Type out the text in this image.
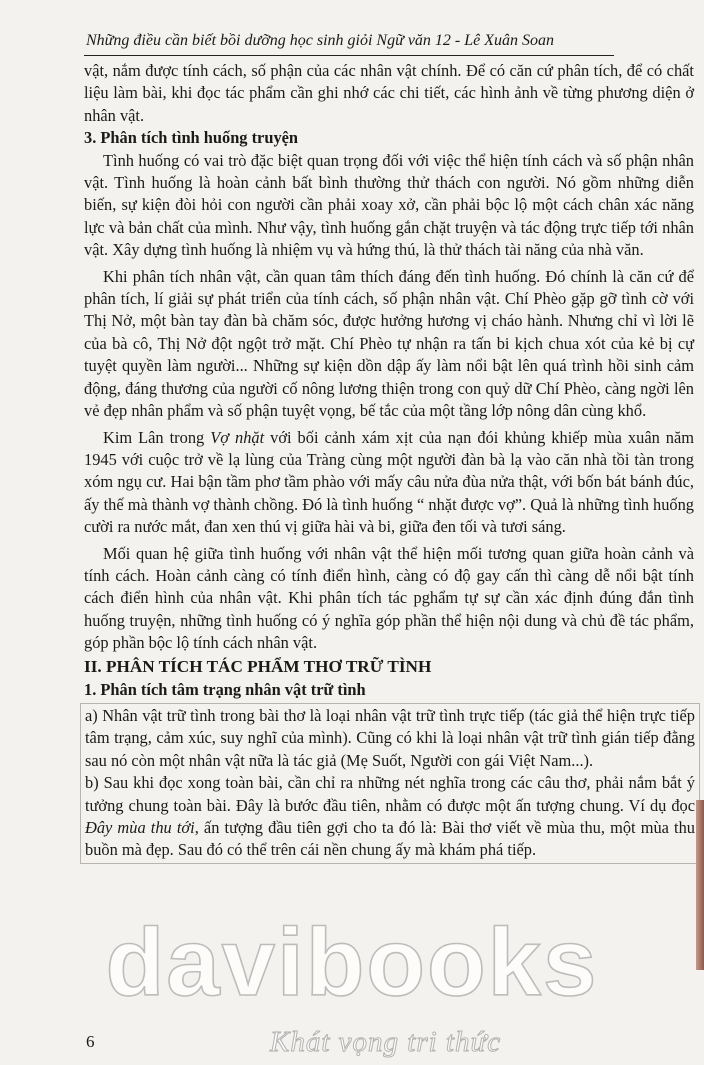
Những điều cần biết bồi dưỡng học sinh giỏi Ngữ văn 12 - Lê Xuân Soan

vật, nắm được tính cách, số phận của các nhân vật chính. Để có căn cứ phân tích, để có chất liệu làm bài, khi đọc tác phẩm cần ghi nhớ các chi tiết, các hình ảnh về từng phương diện ở nhân vật.

3. Phân tích tình huống truyện

Tình huống có vai trò đặc biệt quan trọng đối với việc thể hiện tính cách và số phận nhân vật. Tình huống là hoàn cảnh bất bình thường thử thách con người. Nó gồm những diễn biến, sự kiện đòi hỏi con người cần phải xoay xở, cần phải bộc lộ một cách chân xác năng lực và bản chất của mình. Như vậy, tình huống gắn chặt truyện và tác động trực tiếp tới nhân vật. Xây dựng tình huống là nhiệm vụ và hứng thú, là thử thách tài năng của nhà văn.

Khi phân tích nhân vật, cần quan tâm thích đáng đến tình huống. Đó chính là căn cứ để phân tích, lí giải sự phát triển của tính cách, số phận nhân vật. Chí Phèo gặp gỡ tình cờ với Thị Nở, một bàn tay đàn bà chăm sóc, được hưởng hương vị cháo hành. Nhưng chỉ vì lời lẽ của bà cô, Thị Nở đột ngột trở mặt. Chí Phèo tự nhận ra tấn bi kịch chua xót của kẻ bị cự tuyệt quyền làm người... Những sự kiện dồn dập ấy làm nổi bật lên quá trình hồi sinh cảm động, đáng thương của người cố nông lương thiện trong con quỷ dữ Chí Phèo, càng ngời lên vẻ đẹp nhân phẩm và số phận tuyệt vọng, bế tắc của một tầng lớp nông dân cùng khổ.

Kim Lân trong Vợ nhặt với bối cảnh xám xịt của nạn đói khủng khiếp mùa xuân năm 1945 với cuộc trở về lạ lùng của Tràng cùng một người đàn bà lạ vào căn nhà tồi tàn trong xóm ngụ cư. Hai bận tầm phơ tầm phào với mấy câu nửa đùa nửa thật, với bốn bát bánh đúc, ấy thế mà thành vợ thành chồng. Đó là tình huống “ nhặt được vợ”. Quả là những tình huống cười ra nước mắt, đan xen thú vị giữa hài và bi, giữa đen tối và tươi sáng.

Mối quan hệ giữa tình huống với nhân vật thể hiện mối tương quan giữa hoàn cảnh và tính cách. Hoàn cảnh càng có tính điển hình, càng có độ gay cấn thì càng dễ nổi bật tính cách điển hình của nhân vật. Khi phân tích tác pghẩm tự sự cần xác định đúng đắn tình huống truyện, những tình huống có ý nghĩa góp phần thể hiện nội dung và chủ đề tác phẩm, góp phần bộc lộ tính cách nhân vật.

II. PHÂN TÍCH TÁC PHẨM THƠ TRỮ TÌNH

1. Phân tích tâm trạng nhân vật trữ tình

a) Nhân vật trữ tình trong bài thơ là loại nhân vật trữ tình trực tiếp (tác giả thể hiện trực tiếp tâm trạng, cảm xúc, suy nghĩ của mình). Cũng có khi là loại nhân vật trữ tình gián tiếp đằng sau nó còn một nhân vật nữa là tác giả (Mẹ Suốt, Người con gái Việt Nam...).

b) Sau khi đọc xong toàn bài, cần chỉ ra những nét nghĩa trong các câu thơ, phải nắm bắt ý tưởng chung toàn bài. Đây là bước đầu tiên, nhằm có được một ấn tượng chung. Ví dụ đọc Đây mùa thu tới, ấn tượng đầu tiên gợi cho ta đó là: Bài thơ viết về mùa thu, một mùa thu buồn mà đẹp. Sau đó có thể trên cái nền chung ấy mà khám phá tiếp.

6
davibooks
Khát vọng tri thức
